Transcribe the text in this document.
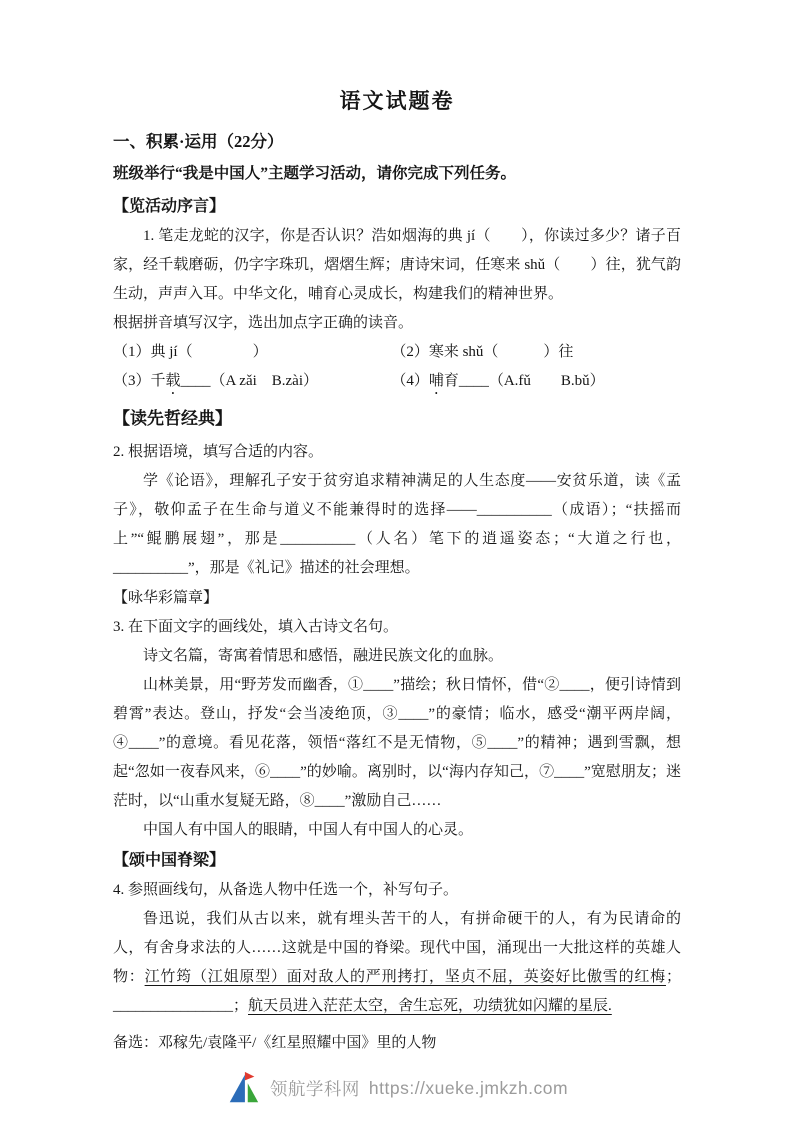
语文试题卷
一、积累·运用（22分）

班级举行“我是中国人”主题学习活动，请你完成下列任务。

【览活动序言】

1. 笔走龙蛇的汉字，你是否认识？浩如烟海的典 jí（　　），你读过多少？诸子百家，经千载磨砺，仍字字珠玑，熠熠生辉；唐诗宋词，任寒来 shǔ（　　）往，犹气韵生动，声声入耳。中华文化，哺育心灵成长，构建我们的精神世界。

根据拼音填写汉字，选出加点字正确的读音。

（1）典 jí（　　　　）	（2）寒来 shǔ（　　　）往
（3）千载____（A zǎi　B.zài）	（4）哺育____（A.fǔ　　B.bǔ）

【读先哲经典】

2. 根据语境，填写合适的内容。

学《论语》，理解孔子安于贫穷追求精神满足的人生态度——安贫乐道，读《孟子》，敬仰孟子在生命与道义不能兼得时的选择——__________（成语）；“扶摇而上”“鲲鹏展翅”，那是__________（人名）笔下的逍遥姿态；“大道之行也，__________”，那是《礼记》描述的社会理想。

【咏华彩篇章】

3. 在下面文字的画线处，填入古诗文名句。

诗文名篇，寄寓着情思和感悟，融进民族文化的血脉。

山林美景，用“野芳发而幽香，①____”描绘；秋日情怀，借“②____，便引诗情到碧霄”表达。登山，抒发“会当凌绝顶，③____”的豪情；临水，感受“潮平两岸阔，④____”的意境。看见花落，领悟“落红不是无情物，⑤____”的精神；遇到雪飘，想起“忽如一夜春风来，⑥____”的妙喻。离别时，以“海内存知己，⑦____”宽慰朋友；迷茫时，以“山重水复疑无路，⑧____”激励自己……

中国人有中国人的眼睛，中国人有中国人的心灵。

【颂中国脊梁】

4. 参照画线句，从备选人物中任选一个，补写句子。

鲁迅说，我们从古以来，就有埋头苦干的人，有拼命硬干的人，有为民请命的人，有舍身求法的人……这就是中国的脊梁。现代中国，涌现出一大批这样的英雄人物：江竹筠（江姐原型）面对敌人的严刑拷打，坚贞不屈，英姿好比傲雪的红梅；________________；航天员进入茫茫太空，舍生忘死，功绩犹如闪耀的星辰.

备选：邓稼先/袁隆平/《红星照耀中国》里的人物

领航学科网 https://xueke.jmkzh.com
